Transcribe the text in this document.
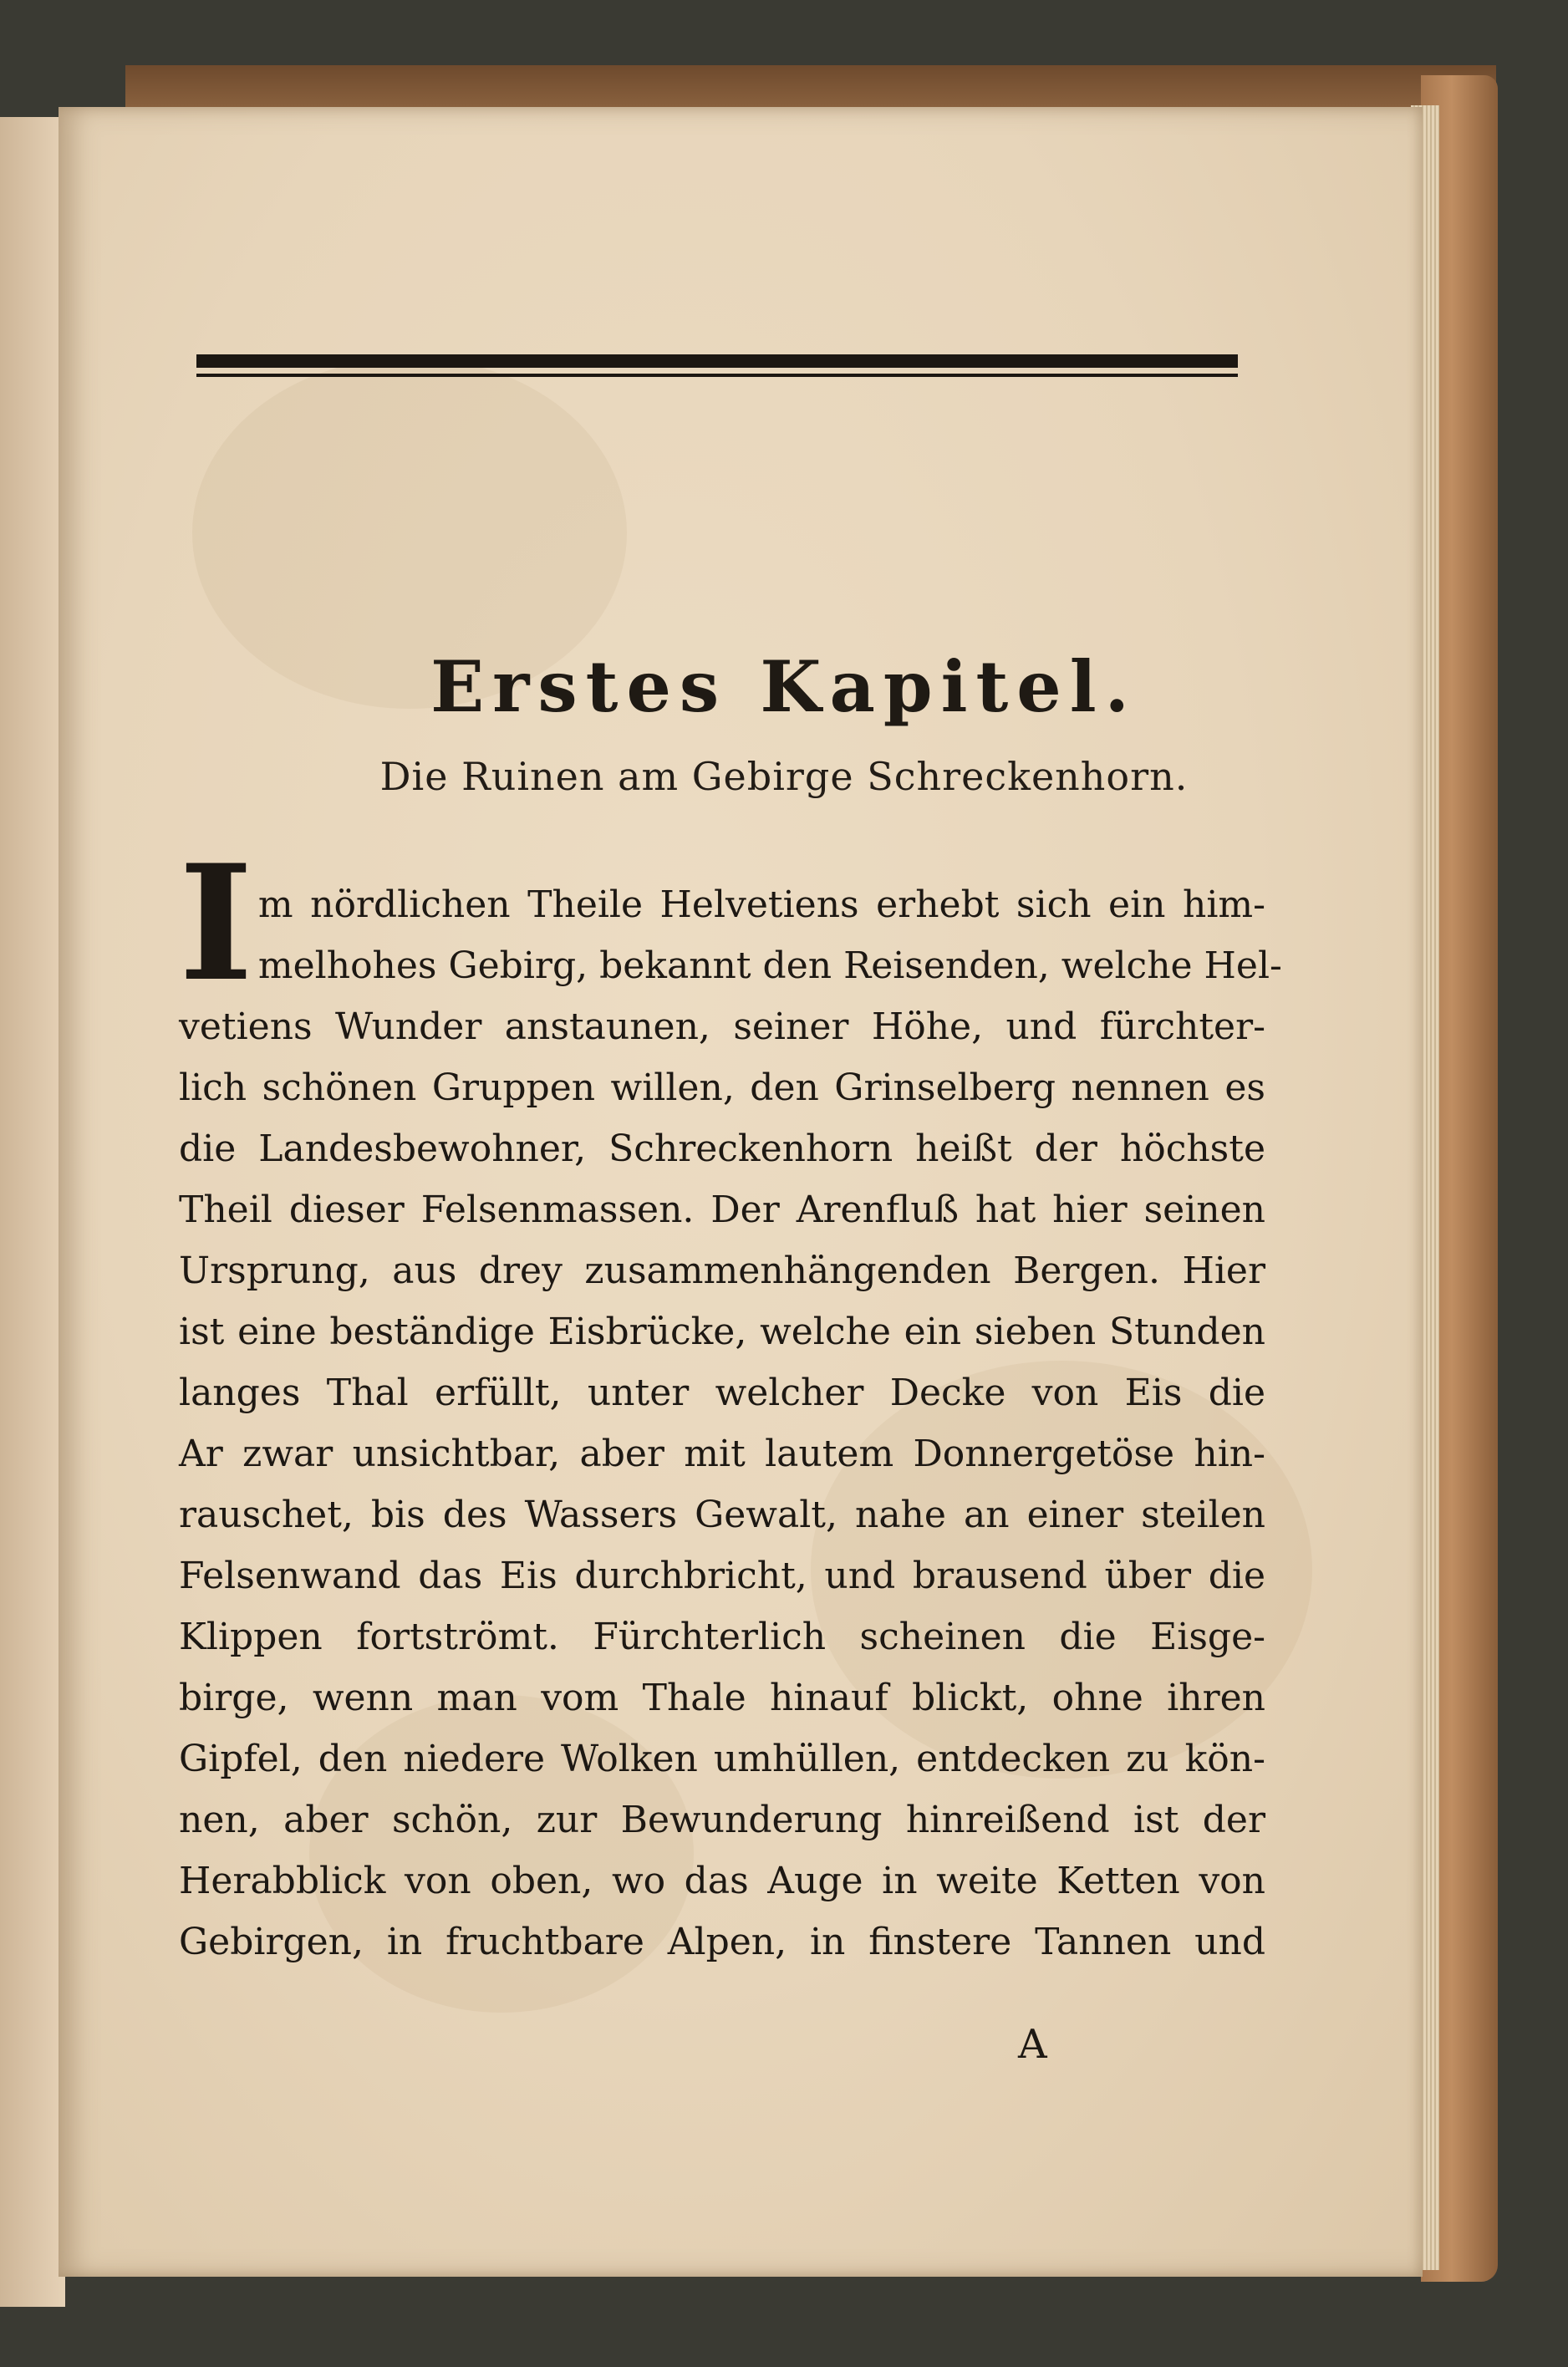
Erstes Kapitel.
Die Ruinen am Gebirge Schreckenhorn.
I m nördlichen Theile Helvetiens erhebt sich ein him-
melhohes Gebirg, bekannt den Reisenden, welche Hel-
vetiens Wunder anstaunen, seiner Höhe, und fürchter-
lich schönen Gruppen willen, den Grinselberg nennen es
die Landesbewohner, Schreckenhorn heißt der höchste
Theil dieser Felsenmassen. Der Arenfluß hat hier seinen
Ursprung, aus drey zusammenhängenden Bergen. Hier
ist eine beständige Eisbrücke, welche ein sieben Stunden
langes Thal erfüllt, unter welcher Decke von Eis die
Ar zwar unsichtbar, aber mit lautem Donnergetöse hin-
rauschet, bis des Wassers Gewalt, nahe an einer steilen
Felsenwand das Eis durchbricht, und brausend über die
Klippen fortströmt. Fürchterlich scheinen die Eisge-
birge, wenn man vom Thale hinauf blickt, ohne ihren
Gipfel, den niedere Wolken umhüllen, entdecken zu kön-
nen, aber schön, zur Bewunderung hinreißend ist der
Herabblick von oben, wo das Auge in weite Ketten von
Gebirgen, in fruchtbare Alpen, in finstere Tannen und
A
